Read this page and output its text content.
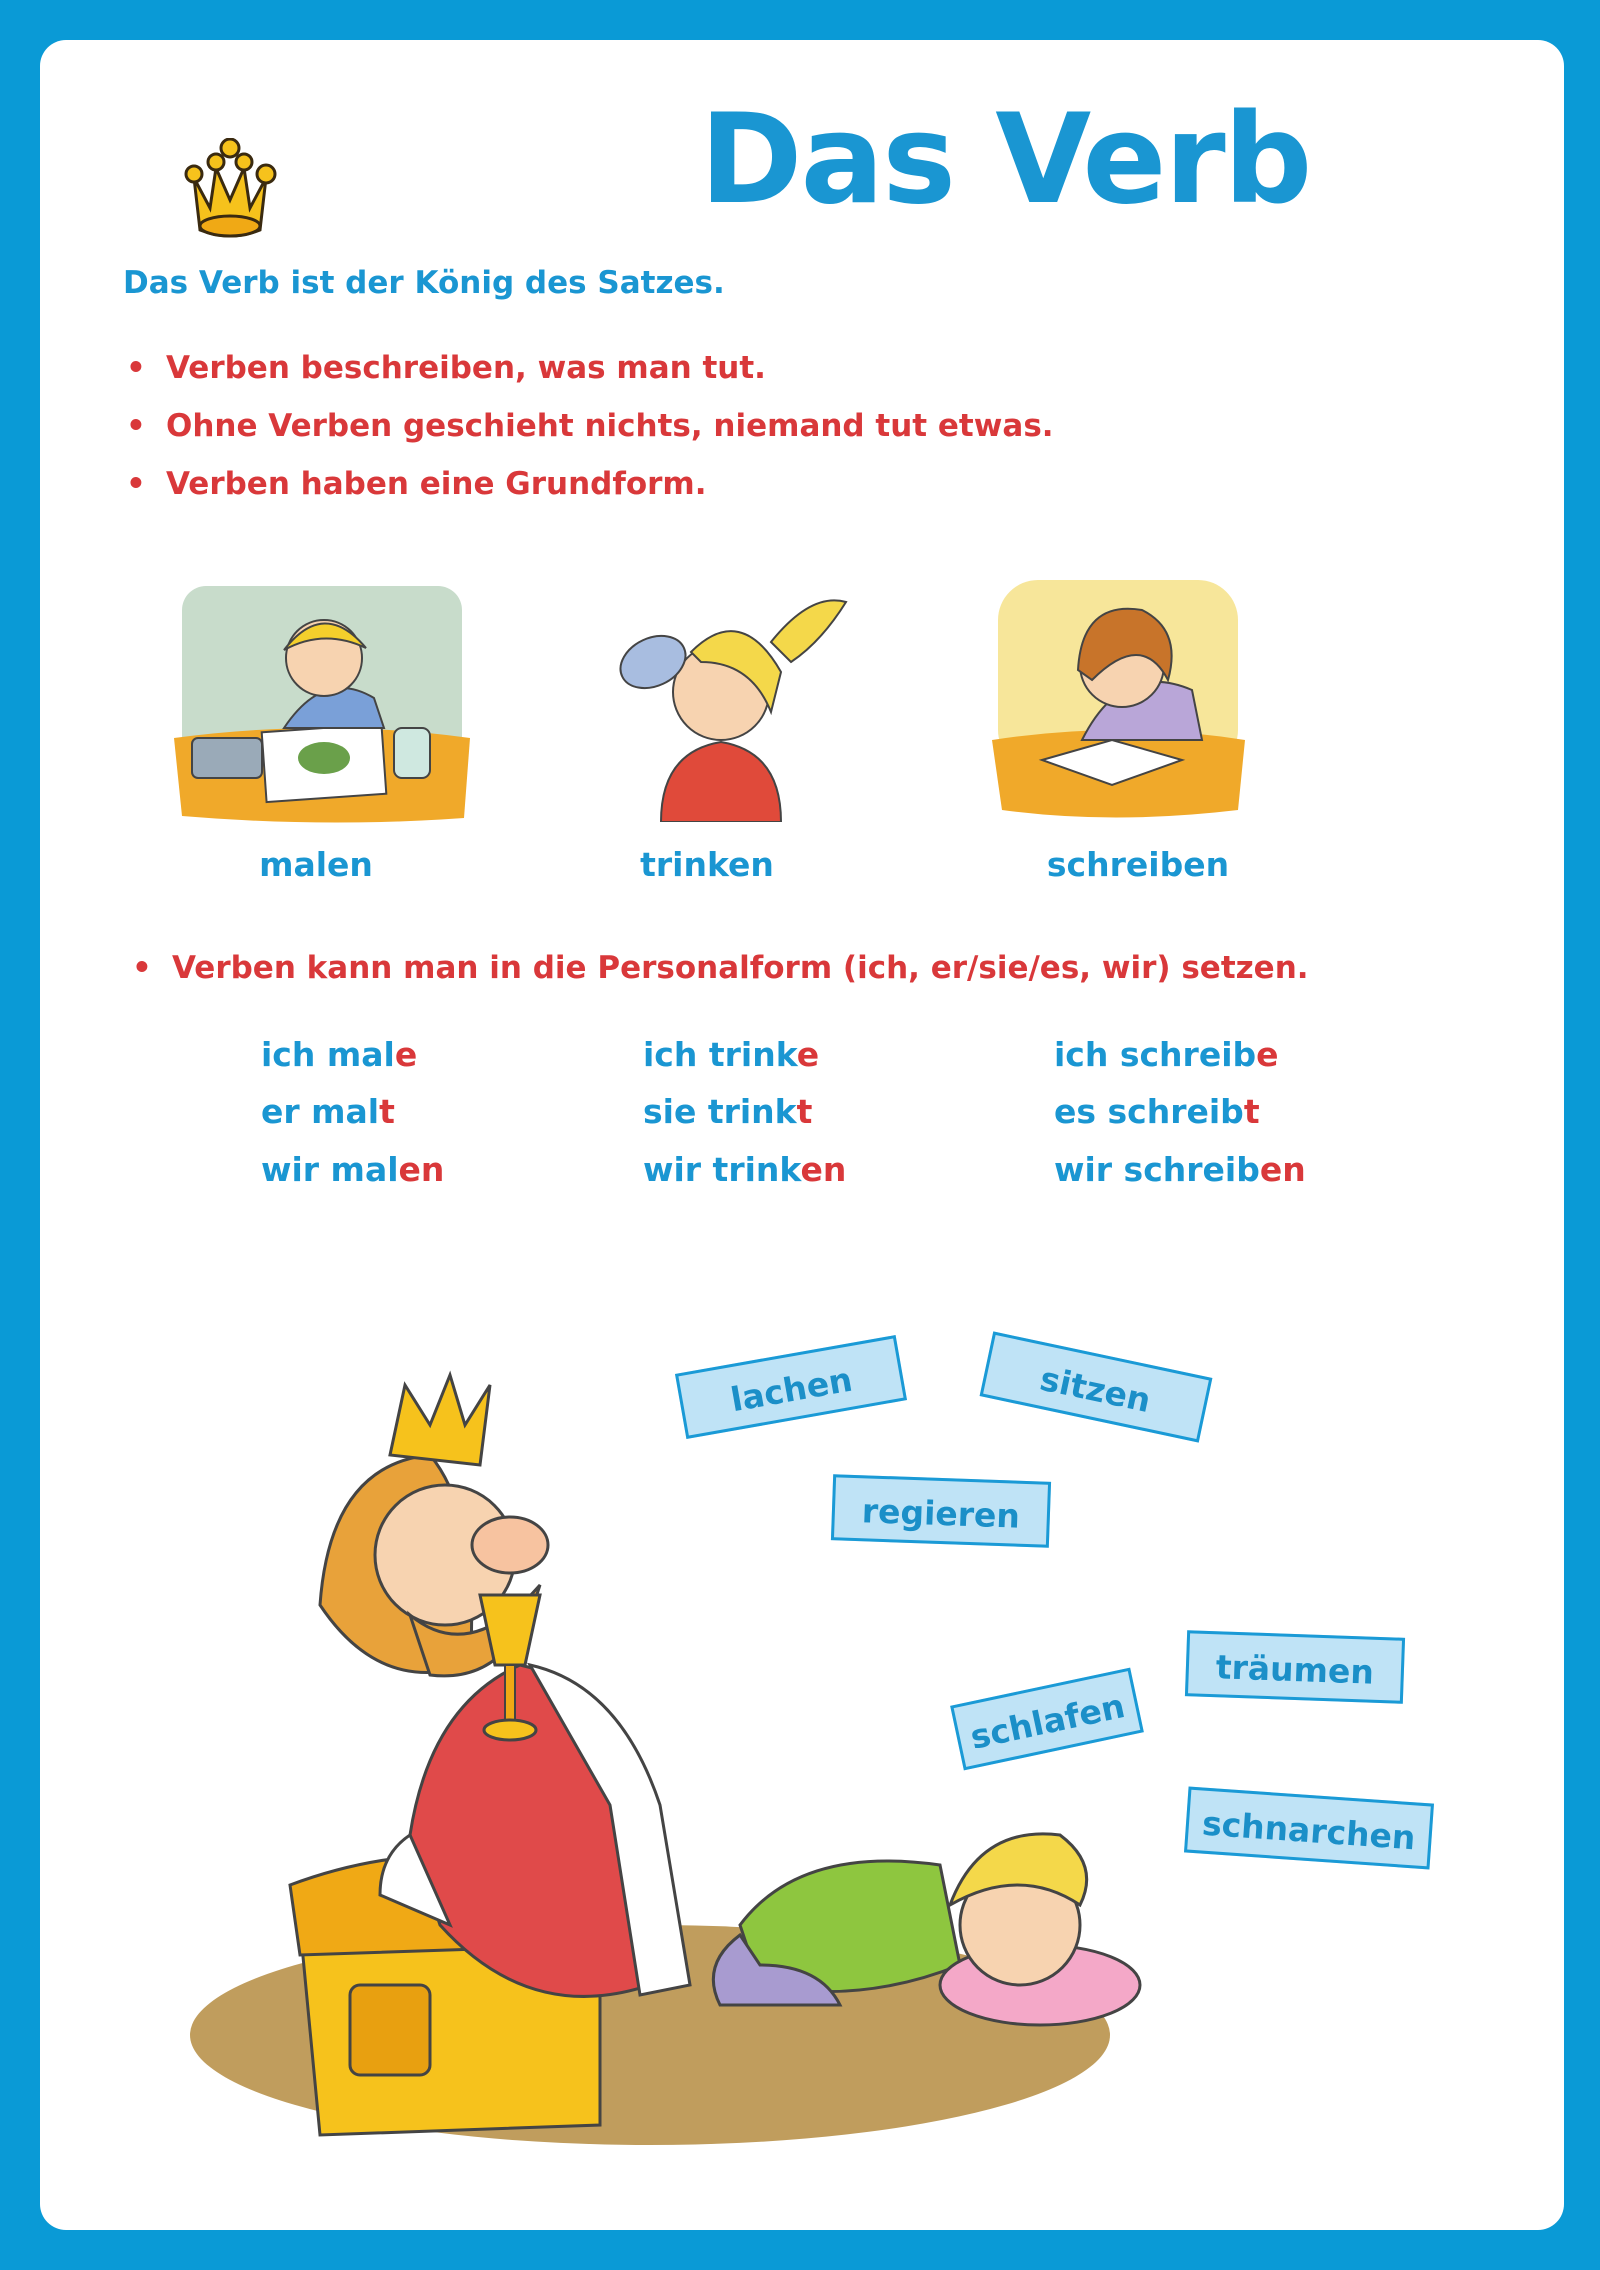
Das Verb
Das Verb ist der König des Satzes.
• Verben beschreiben, was man tut.
• Ohne Verben geschieht nichts, niemand tut etwas.
• Verben haben eine Grundform.
malen	trinken	schreiben
• Verben kann man in die Personalform (ich, er/sie/es, wir) setzen.
ich male
er malt
wir malen
ich trinke
sie trinkt
wir trinken
ich schreibe
es schreibt
wir schreiben
lachen	sitzen
regieren
träumen
schlafen
schnarchen
